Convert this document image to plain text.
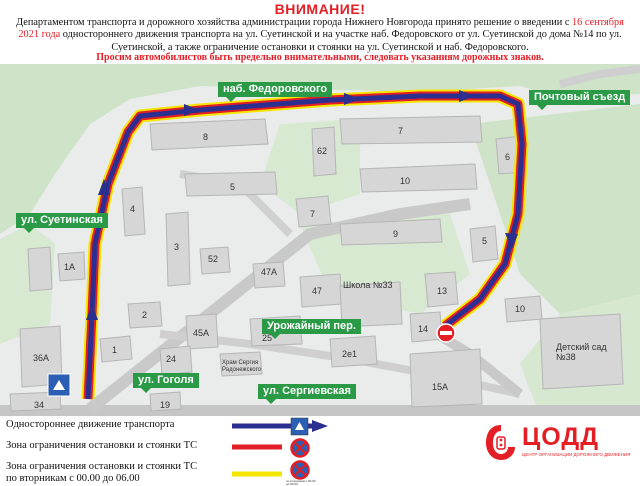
ВНИМАНИЕ!
Департаментом транспорта и дорожного хозяйства администрации города Нижнего Новгорода принято решение о введении с 16 сентября 2021 года одностороннего движения транспорта на ул. Суетинской и на участке наб. Федоровского от ул. Суетинской до дома №14 по ул. Суетинской, а также ограничение остановки и стоянки на ул. Суетинской и наб. Федоровского.
Просим автомобилистов быть предельно внимательными, следовать указаниям дорожных знаков.
наб. Федоровского
Почтовый съезд
ул. Суетинская
Урожайный пер.
ул. Гоголя
ул. Сергиевская
8
7
62
6
10
5
4	7
9
3
52
47А
5
1А
2
47
Школа №33
13
45А	25
14
36А
1
24	2е1
15А
34	19
10
Детский сад №38
Храм Сергия Радонежского
Одностороннее движение транспорта
Зона ограничения остановки и стоянки ТС
Зона ограничения остановки и стоянки ТС
по вторникам с 00.00 до 06.00	по вторникам с 00.00 до 06.00
ЦОДД
ЦЕНТР ОРГАНИЗАЦИИ ДОРОЖНОГО ДВИЖЕНИЯ
